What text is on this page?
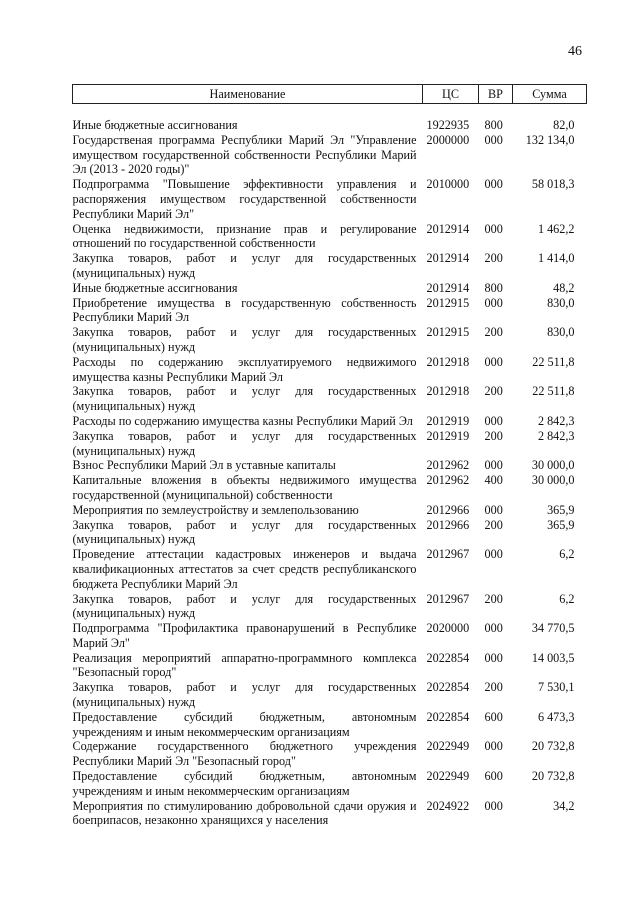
46
Наименование	ЦС	ВР	Сумма

Иные бюджетные ассигнования	1922935	800	82,0
Государственая программа Республики Марий Эл "Управление имуществом государственной собственности Республики Марий Эл (2013 - 2020 годы)"	2000000	000	132 134,0
Подпрограмма "Повышение эффективности управления и распоряжения имуществом государственной собственности Республики Марий Эл"	2010000	000	58 018,3
Оценка недвижимости, признание прав и регулирование отношений по государственной собственности	2012914	000	1 462,2
Закупка товаров, работ и услуг для государственных (муниципальных) нужд	2012914	200	1 414,0
Иные бюджетные ассигнования	2012914	800	48,2
Приобретение имущества в государственную собственность Республики Марий Эл	2012915	000	830,0
Закупка товаров, работ и услуг для государственных (муниципальных) нужд	2012915	200	830,0
Расходы по содержанию эксплуатируемого недвижимого имущества казны Республики Марий Эл	2012918	000	22 511,8
Закупка товаров, работ и услуг для государственных (муниципальных) нужд	2012918	200	22 511,8
Расходы по содержанию имущества казны Республики Марий Эл	2012919	000	2 842,3
Закупка товаров, работ и услуг для государственных (муниципальных) нужд	2012919	200	2 842,3
Взнос Республики Марий Эл в уставные капиталы	2012962	000	30 000,0
Капитальные вложения в объекты недвижимого имущества государственной (муниципальной) собственности	2012962	400	30 000,0
Мероприятия по землеустройству и землепользованию	2012966	000	365,9
Закупка товаров, работ и услуг для государственных (муниципальных) нужд	2012966	200	365,9
Проведение аттестации кадастровых инженеров и выдача квалификационных аттестатов за счет средств республиканского бюджета Республики Марий Эл	2012967	000	6,2
Закупка товаров, работ и услуг для государственных (муниципальных) нужд	2012967	200	6,2
Подпрограмма "Профилактика правонарушений в Республике Марий Эл"	2020000	000	34 770,5
Реализация мероприятий аппаратно-программного комплекса "Безопасный город"	2022854	000	14 003,5
Закупка товаров, работ и услуг для государственных (муниципальных) нужд	2022854	200	7 530,1
Предоставление субсидий бюджетным, автономным учреждениям и иным некоммерческим организациям	2022854	600	6 473,3
Содержание государственного бюджетного учреждения Республики Марий Эл "Безопасный город"	2022949	000	20 732,8
Предоставление субсидий бюджетным, автономным учреждениям и иным некоммерческим организациям	2022949	600	20 732,8
Мероприятия по стимулированию добровольной сдачи оружия и боеприпасов, незаконно хранящихся у населения	2024922	000	34,2
